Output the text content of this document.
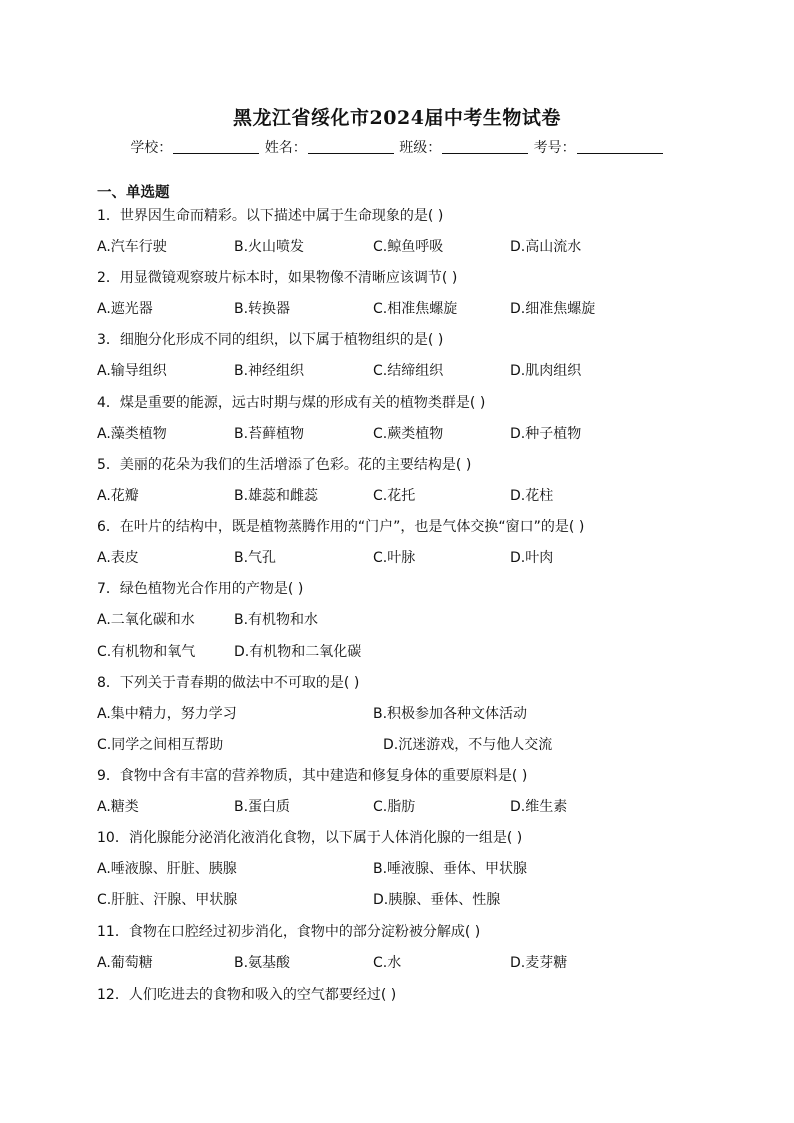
黑龙江省绥化市2024届中考生物试卷
学校：	姓名：	班级：	考号：
一、单选题
1．世界因生命而精彩。以下描述中属于生命现象的是( )
A.汽车行驶	B.火山喷发	C.鲸鱼呼吸	D.高山流水
2．用显微镜观察玻片标本时，如果物像不清晰应该调节( )
A.遮光器	B.转换器	C.相准焦螺旋	D.细准焦螺旋
3．细胞分化形成不同的组织，以下属于植物组织的是( )
A.输导组织	B.神经组织	C.结缔组织	D.肌肉组织
4．煤是重要的能源，远古时期与煤的形成有关的植物类群是( )
A.藻类植物	B.苔藓植物	C.蕨类植物	D.种子植物
5．美丽的花朵为我们的生活增添了色彩。花的主要结构是( )
A.花瓣	B.雄蕊和雌蕊	C.花托	D.花柱
6．在叶片的结构中，既是植物蒸腾作用的“门户”，也是气体交换“窗口”的是( )
A.表皮	B.气孔	C.叶脉	D.叶肉
7．绿色植物光合作用的产物是( )
A.二氧化碳和水	B.有机物和水
C.有机物和氧气	D.有机物和二氧化碳
8．下列关于青春期的做法中不可取的是( )
A.集中精力，努力学习	B.积极参加各种文体活动
C.同学之间相互帮助	D.沉迷游戏，不与他人交流
9．食物中含有丰富的营养物质，其中建造和修复身体的重要原料是( )
A.糖类	B.蛋白质	C.脂肪	D.维生素
10．消化腺能分泌消化液消化食物，以下属于人体消化腺的一组是( )
A.唾液腺、肝脏、胰腺	B.唾液腺、垂体、甲状腺
C.肝脏、汗腺、甲状腺	D.胰腺、垂体、性腺
11．食物在口腔经过初步消化，食物中的部分淀粉被分解成( )
A.葡萄糖	B.氨基酸	C.水	D.麦芽糖
12．人们吃进去的食物和吸入的空气都要经过( )
